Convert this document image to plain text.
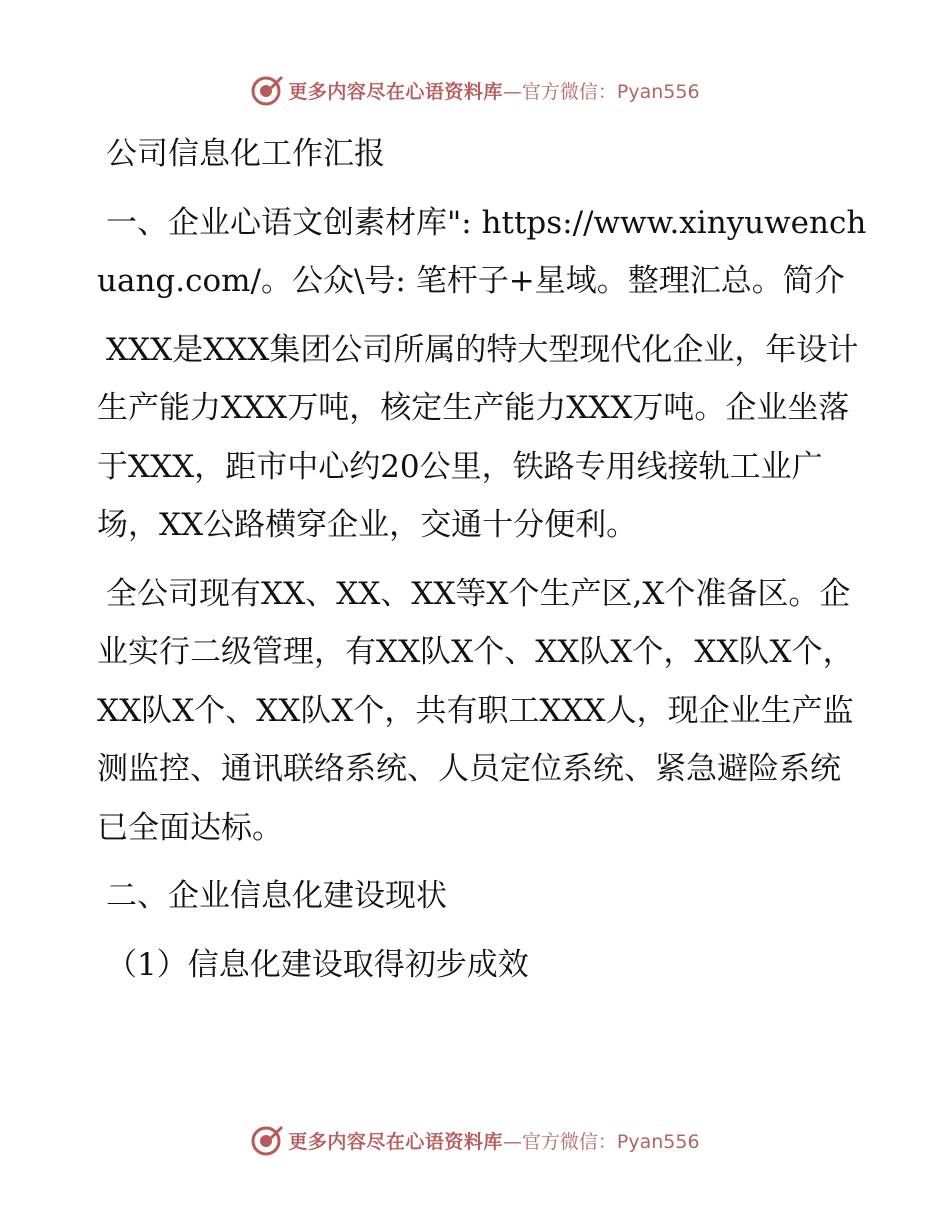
更多内容尽在心语资料库 —官方微信：Pyan556

公司信息化工作汇报

一、企业心语文创素材库": https://www.xinyuwenchuang.com/。公众\号: 笔杆子+星域。整理汇总。简介

XXX是XXX集团公司所属的特大型现代化企业，年设计生产能力XXX万吨，核定生产能力XXX万吨。企业坐落于XXX，距市中心约20公里，铁路专用线接轨工业广场，XX公路横穿企业，交通十分便利。

全公司现有XX、XX、XX等X个生产区,X个准备区。企业实行二级管理，有XX队X个、XX队X个，XX队X个，XX队X个、XX队X个，共有职工XXX人，现企业生产监测监控、通讯联络系统、人员定位系统、紧急避险系统已全面达标。

二、企业信息化建设现状

（1）信息化建设取得初步成效

更多内容尽在心语资料库 —官方微信：Pyan556
